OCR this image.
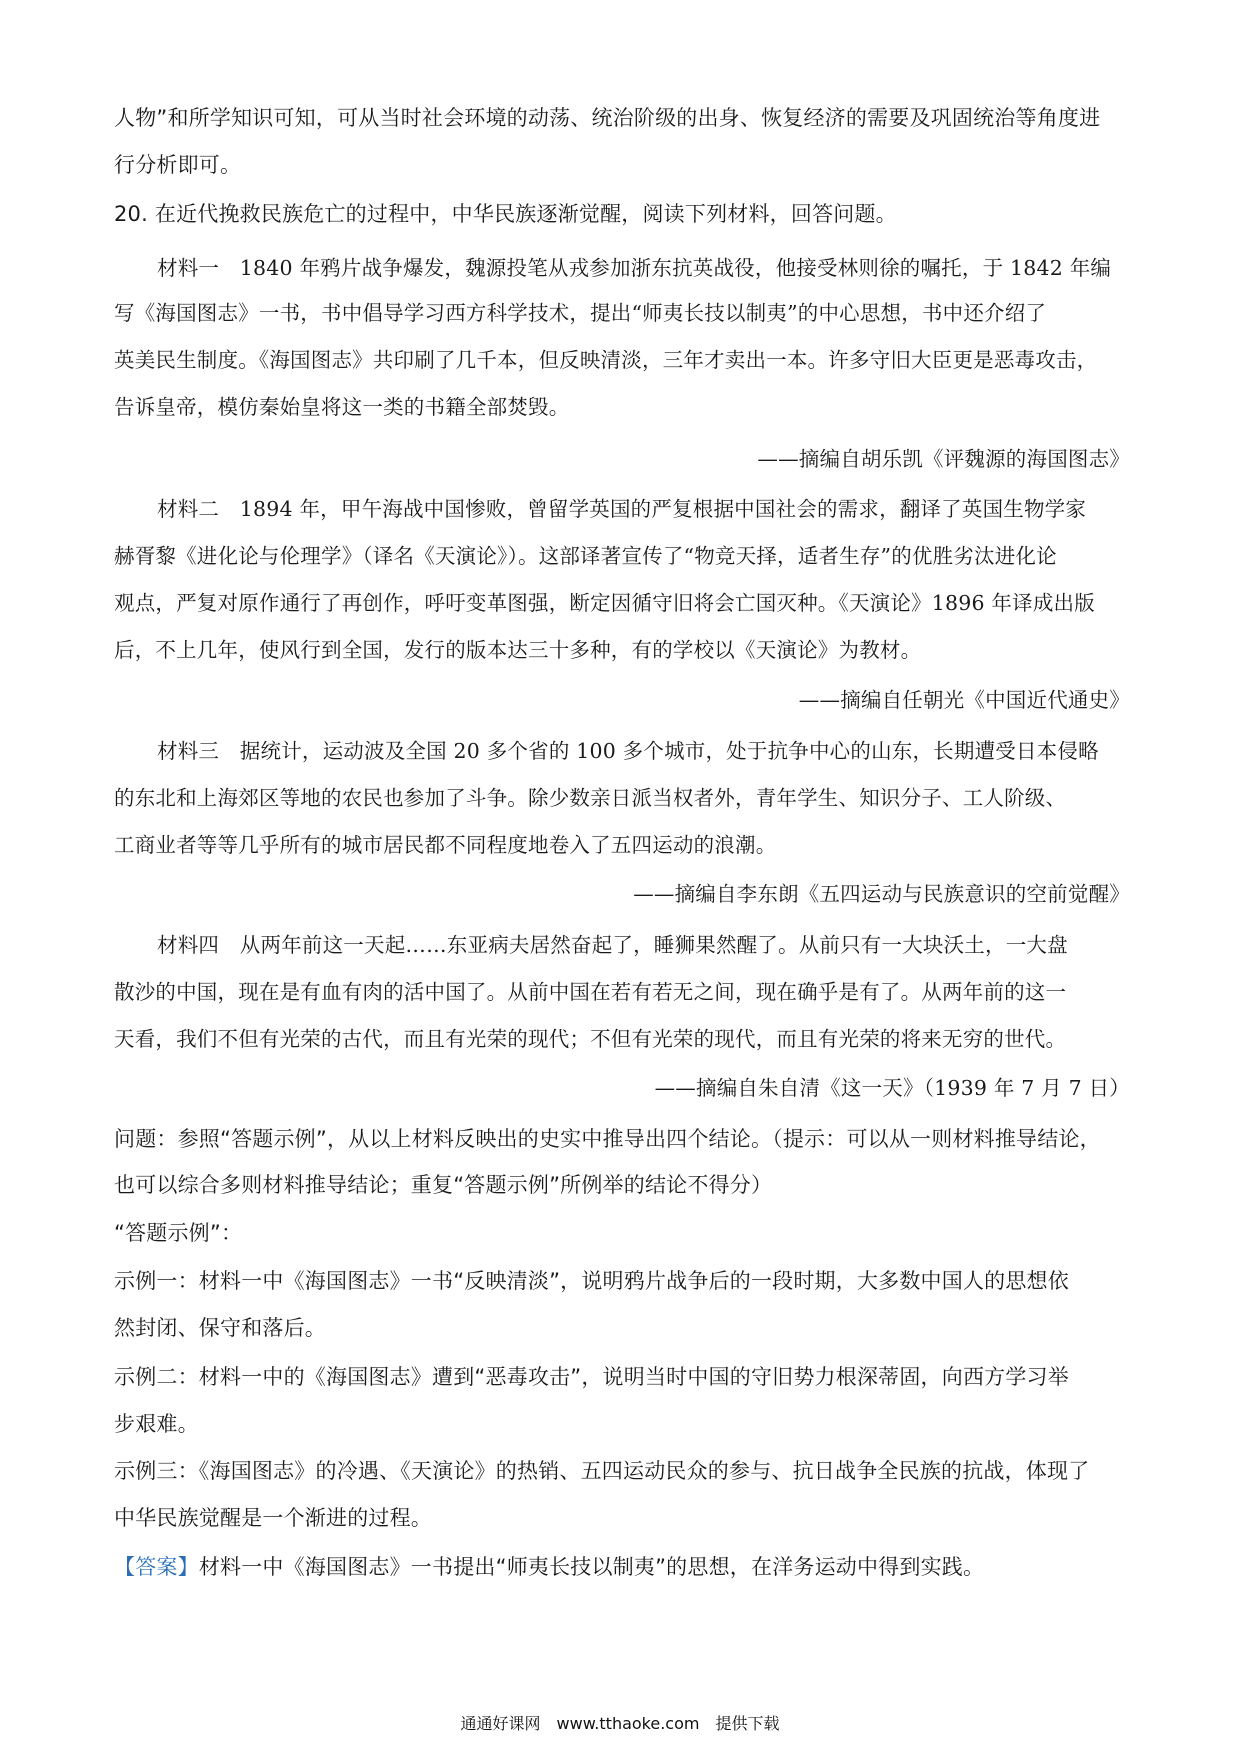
人物”和所学知识可知，可从当时社会环境的动荡、统治阶级的出身、恢复经济的需要及巩固统治等角度进
行分析即可。
20. 在近代挽救民族危亡的过程中，中华民族逐渐觉醒，阅读下列材料，回答问题。
材料一　1840 年鸦片战争爆发，魏源投笔从戎参加浙东抗英战役，他接受林则徐的嘱托，于 1842 年编
写《海国图志》一书，书中倡导学习西方科学技术，提出“师夷长技以制夷”的中心思想，书中还介绍了
英美民生制度。《海国图志》共印刷了几千本，但反映清淡，三年才卖出一本。许多守旧大臣更是恶毒攻击，
告诉皇帝，模仿秦始皇将这一类的书籍全部焚毁。
——摘编自胡乐凯《评魏源的海国图志》
材料二　1894 年，甲午海战中国惨败，曾留学英国的严复根据中国社会的需求，翻译了英国生物学家
赫胥黎《进化论与伦理学》（译名《天演论》）。这部译著宣传了“物竞天择，适者生存”的优胜劣汰进化论
观点，严复对原作通行了再创作，呼吁变革图强，断定因循守旧将会亡国灭种。《天演论》1896 年译成出版
后，不上几年，使风行到全国，发行的版本达三十多种，有的学校以《天演论》为教材。
——摘编自任朝光《中国近代通史》
材料三　据统计，运动波及全国 20 多个省的 100 多个城市，处于抗争中心的山东，长期遭受日本侵略
的东北和上海郊区等地的农民也参加了斗争。除少数亲日派当权者外，青年学生、知识分子、工人阶级、
工商业者等等几乎所有的城市居民都不同程度地卷入了五四运动的浪潮。
——摘编自李东朗《五四运动与民族意识的空前觉醒》
材料四　从两年前这一天起……东亚病夫居然奋起了，睡狮果然醒了。从前只有一大块沃土，一大盘
散沙的中国，现在是有血有肉的活中国了。从前中国在若有若无之间，现在确乎是有了。从两年前的这一
天看，我们不但有光荣的古代，而且有光荣的现代；不但有光荣的现代，而且有光荣的将来无穷的世代。
——摘编自朱自清《这一天》（1939 年 7 月 7 日）
问题：参照“答题示例”，从以上材料反映出的史实中推导出四个结论。（提示：可以从一则材料推导结论，
也可以综合多则材料推导结论；重复“答题示例”所例举的结论不得分）
“答题示例”：
示例一：材料一中《海国图志》一书“反映清淡”，说明鸦片战争后的一段时期，大多数中国人的思想依
然封闭、保守和落后。
示例二：材料一中的《海国图志》遭到“恶毒攻击”，说明当时中国的守旧势力根深蒂固，向西方学习举
步艰难。
示例三：《海国图志》的冷遇、《天演论》的热销、五四运动民众的参与、抗日战争全民族的抗战，体现了
中华民族觉醒是一个渐进的过程。
【答案】材料一中《海国图志》一书提出“师夷长技以制夷”的思想，在洋务运动中得到实践。
通通好课网　www.tthaoke.com　提供下载
